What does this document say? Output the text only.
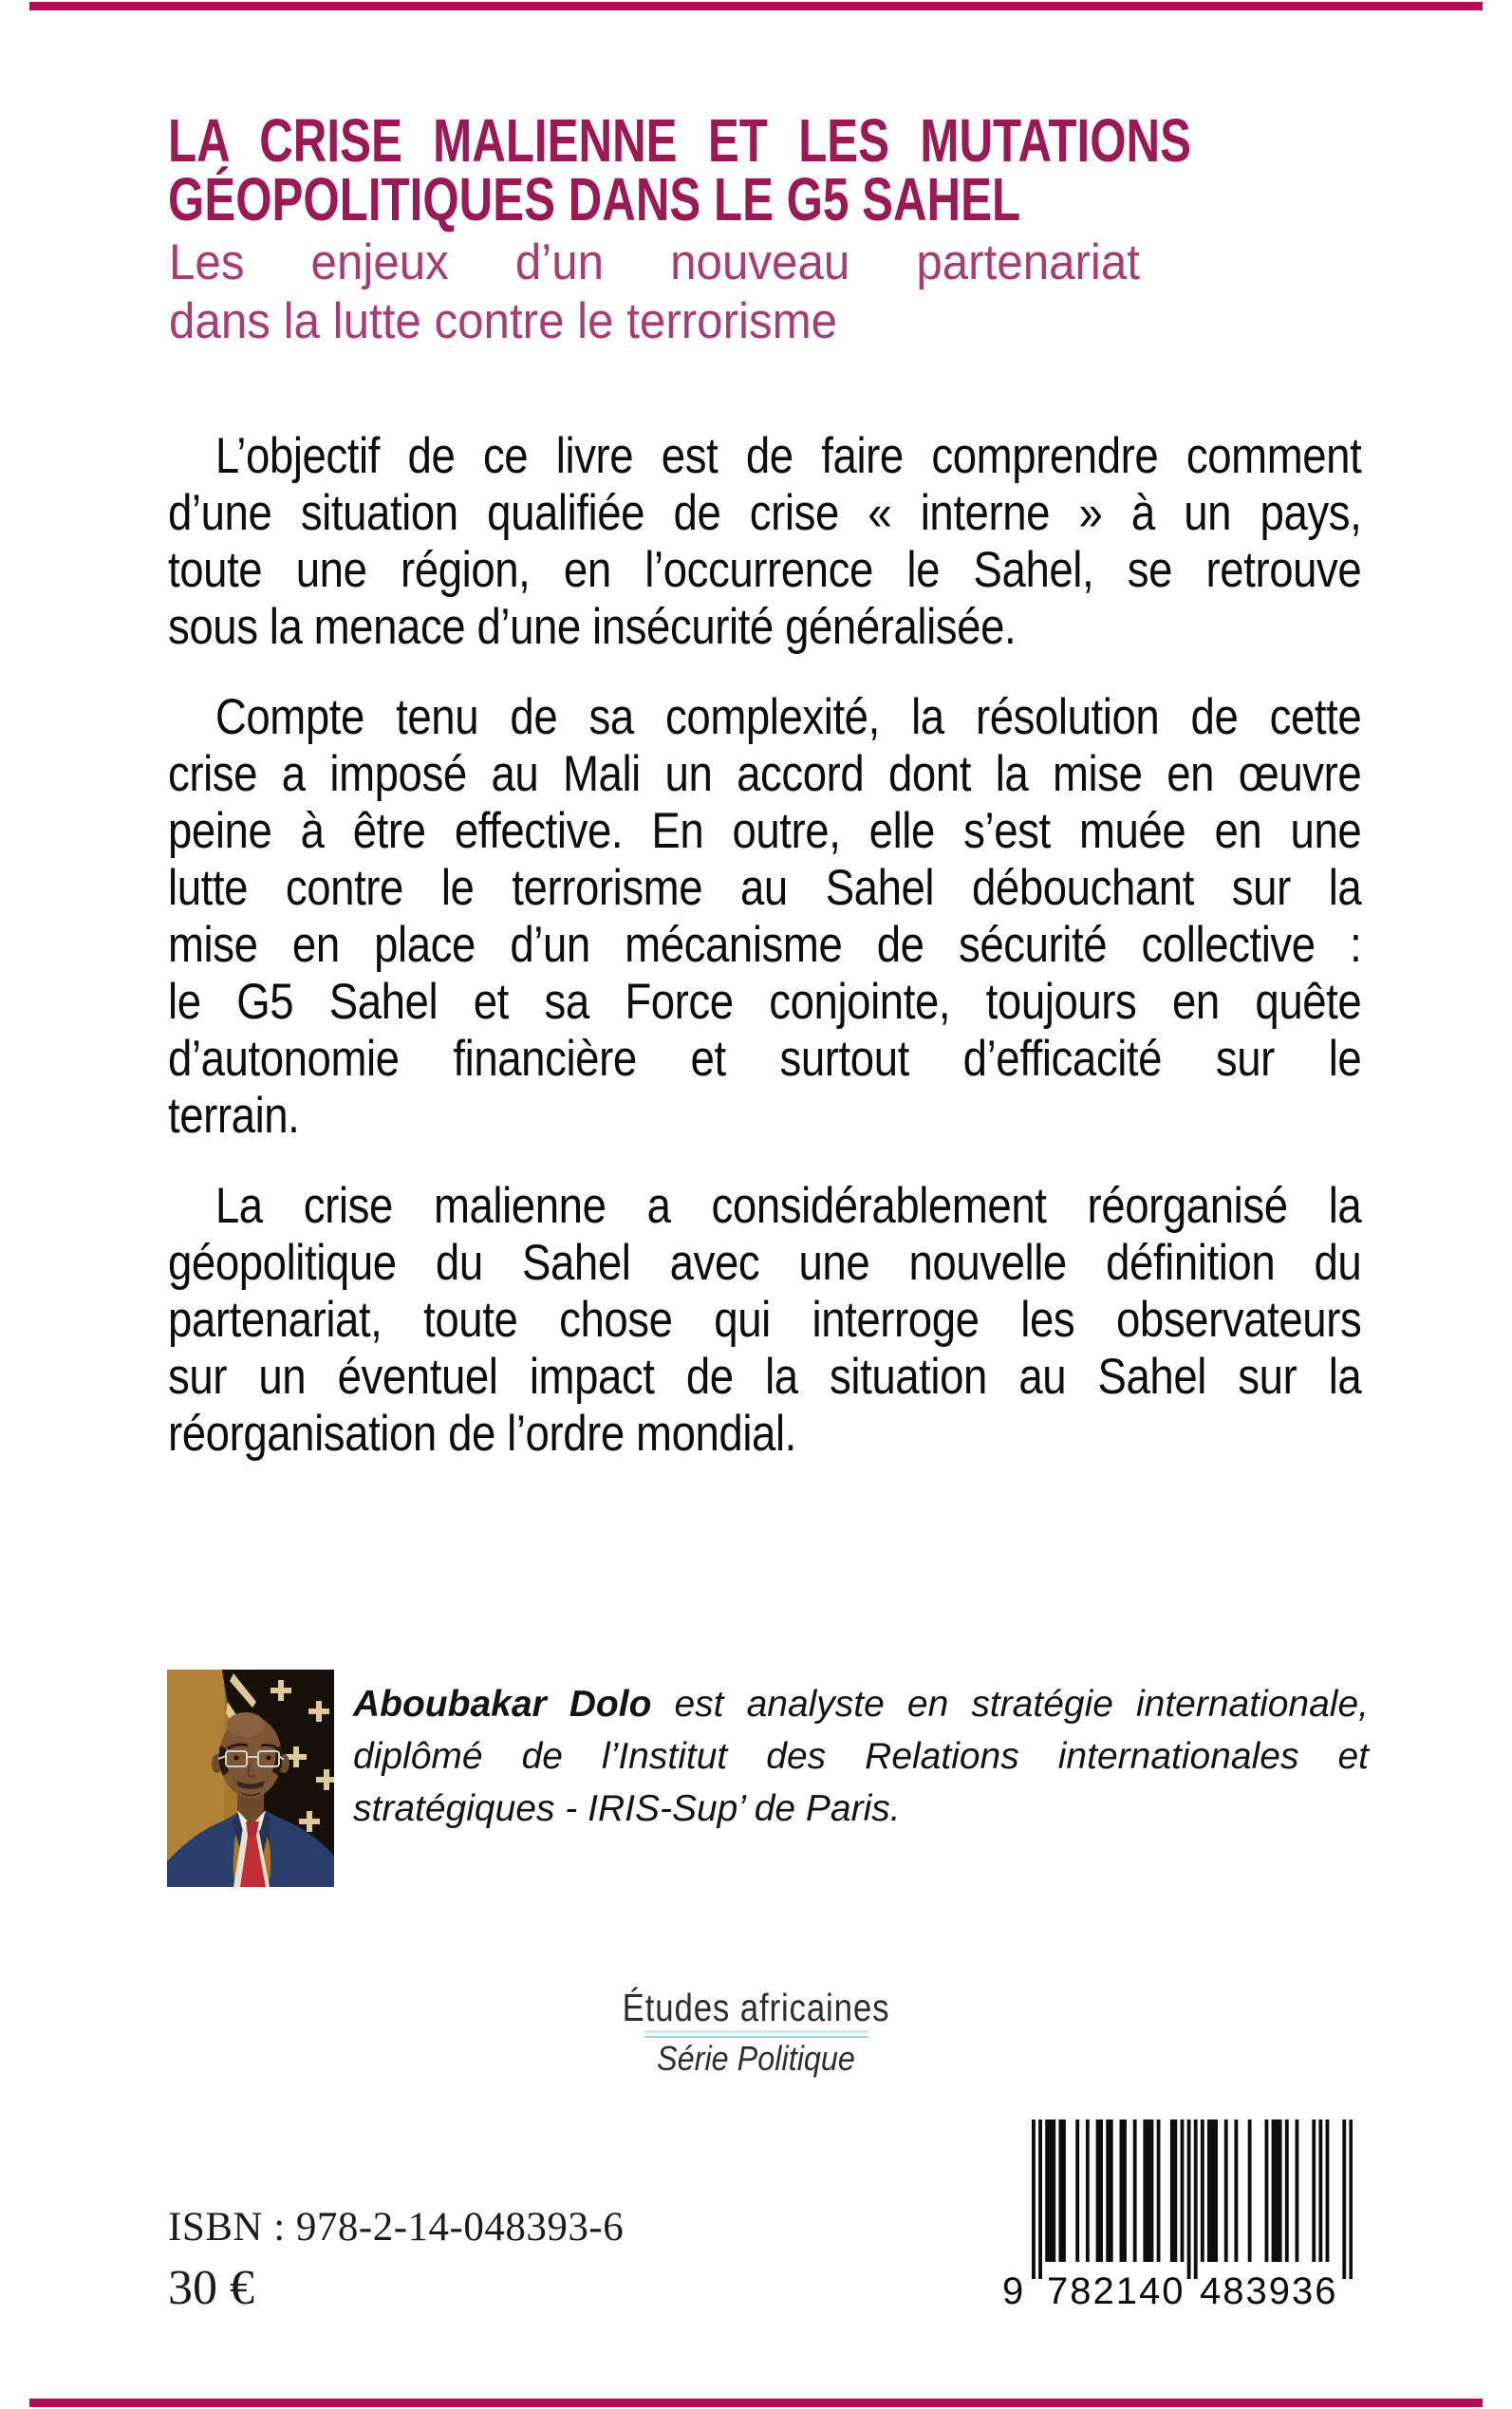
LA CRISE MALIENNE ET LES MUTATIONS
GÉOPOLITIQUES DANS LE G5 SAHEL
Les enjeux d’un nouveau partenariat
dans la lutte contre le terrorisme
L’objectif de ce livre est de faire comprendre comment
d’une situation qualifiée de crise « interne » à un pays,
toute une région, en l’occurrence le Sahel, se retrouve
sous la menace d’une insécurité généralisée.
Compte tenu de sa complexité, la résolution de cette
crise a imposé au Mali un accord dont la mise en œuvre
peine à être effective. En outre, elle s’est muée en une
lutte contre le terrorisme au Sahel débouchant sur la
mise en place d’un mécanisme de sécurité collective :
le G5 Sahel et sa Force conjointe, toujours en quête
d’autonomie financière et surtout d’efficacité sur le
terrain.
La crise malienne a considérablement réorganisé la
géopolitique du Sahel avec une nouvelle définition du
partenariat, toute chose qui interroge les observateurs
sur un éventuel impact de la situation au Sahel sur la
réorganisation de l’ordre mondial.
Aboubakar Dolo est analyste en stratégie internationale,
diplômé de l’Institut des Relations internationales et
stratégiques - IRIS-Sup’ de Paris.
Études africaines
Série Politique
ISBN : 978-2-14-048393-6
30 €	9 782140 483936
